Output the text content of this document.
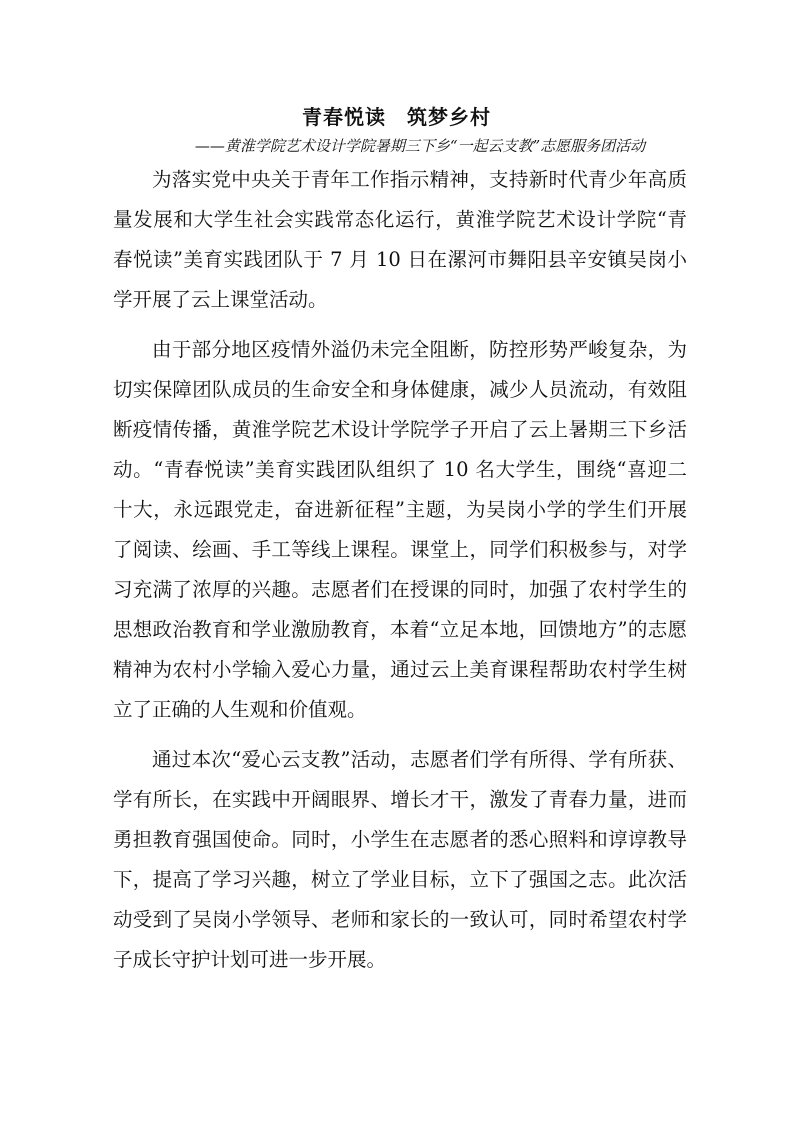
青春悦读　筑梦乡村
——黄淮学院艺术设计学院暑期三下乡“一起云支教”志愿服务团活动

为落实党中央关于青年工作指示精神，支持新时代青少年高质量发展和大学生社会实践常态化运行，黄淮学院艺术设计学院“青春悦读”美育实践团队于 7 月 10 日在漯河市舞阳县辛安镇吴岗小学开展了云上课堂活动。

由于部分地区疫情外溢仍未完全阻断，防控形势严峻复杂，为切实保障团队成员的生命安全和身体健康，减少人员流动，有效阻断疫情传播，黄淮学院艺术设计学院学子开启了云上暑期三下乡活动。“青春悦读”美育实践团队组织了 10 名大学生，围绕“喜迎二十大，永远跟党走，奋进新征程”主题，为吴岗小学的学生们开展了阅读、绘画、手工等线上课程。课堂上，同学们积极参与，对学习充满了浓厚的兴趣。志愿者们在授课的同时，加强了农村学生的思想政治教育和学业激励教育，本着“立足本地，回馈地方”的志愿精神为农村小学输入爱心力量，通过云上美育课程帮助农村学生树立了正确的人生观和价值观。

通过本次“爱心云支教”活动，志愿者们学有所得、学有所获、学有所长，在实践中开阔眼界、增长才干，激发了青春力量，进而勇担教育强国使命。同时，小学生在志愿者的悉心照料和谆谆教导下，提高了学习兴趣，树立了学业目标，立下了强国之志。此次活动受到了吴岗小学领导、老师和家长的一致认可，同时希望农村学子成长守护计划可进一步开展。
